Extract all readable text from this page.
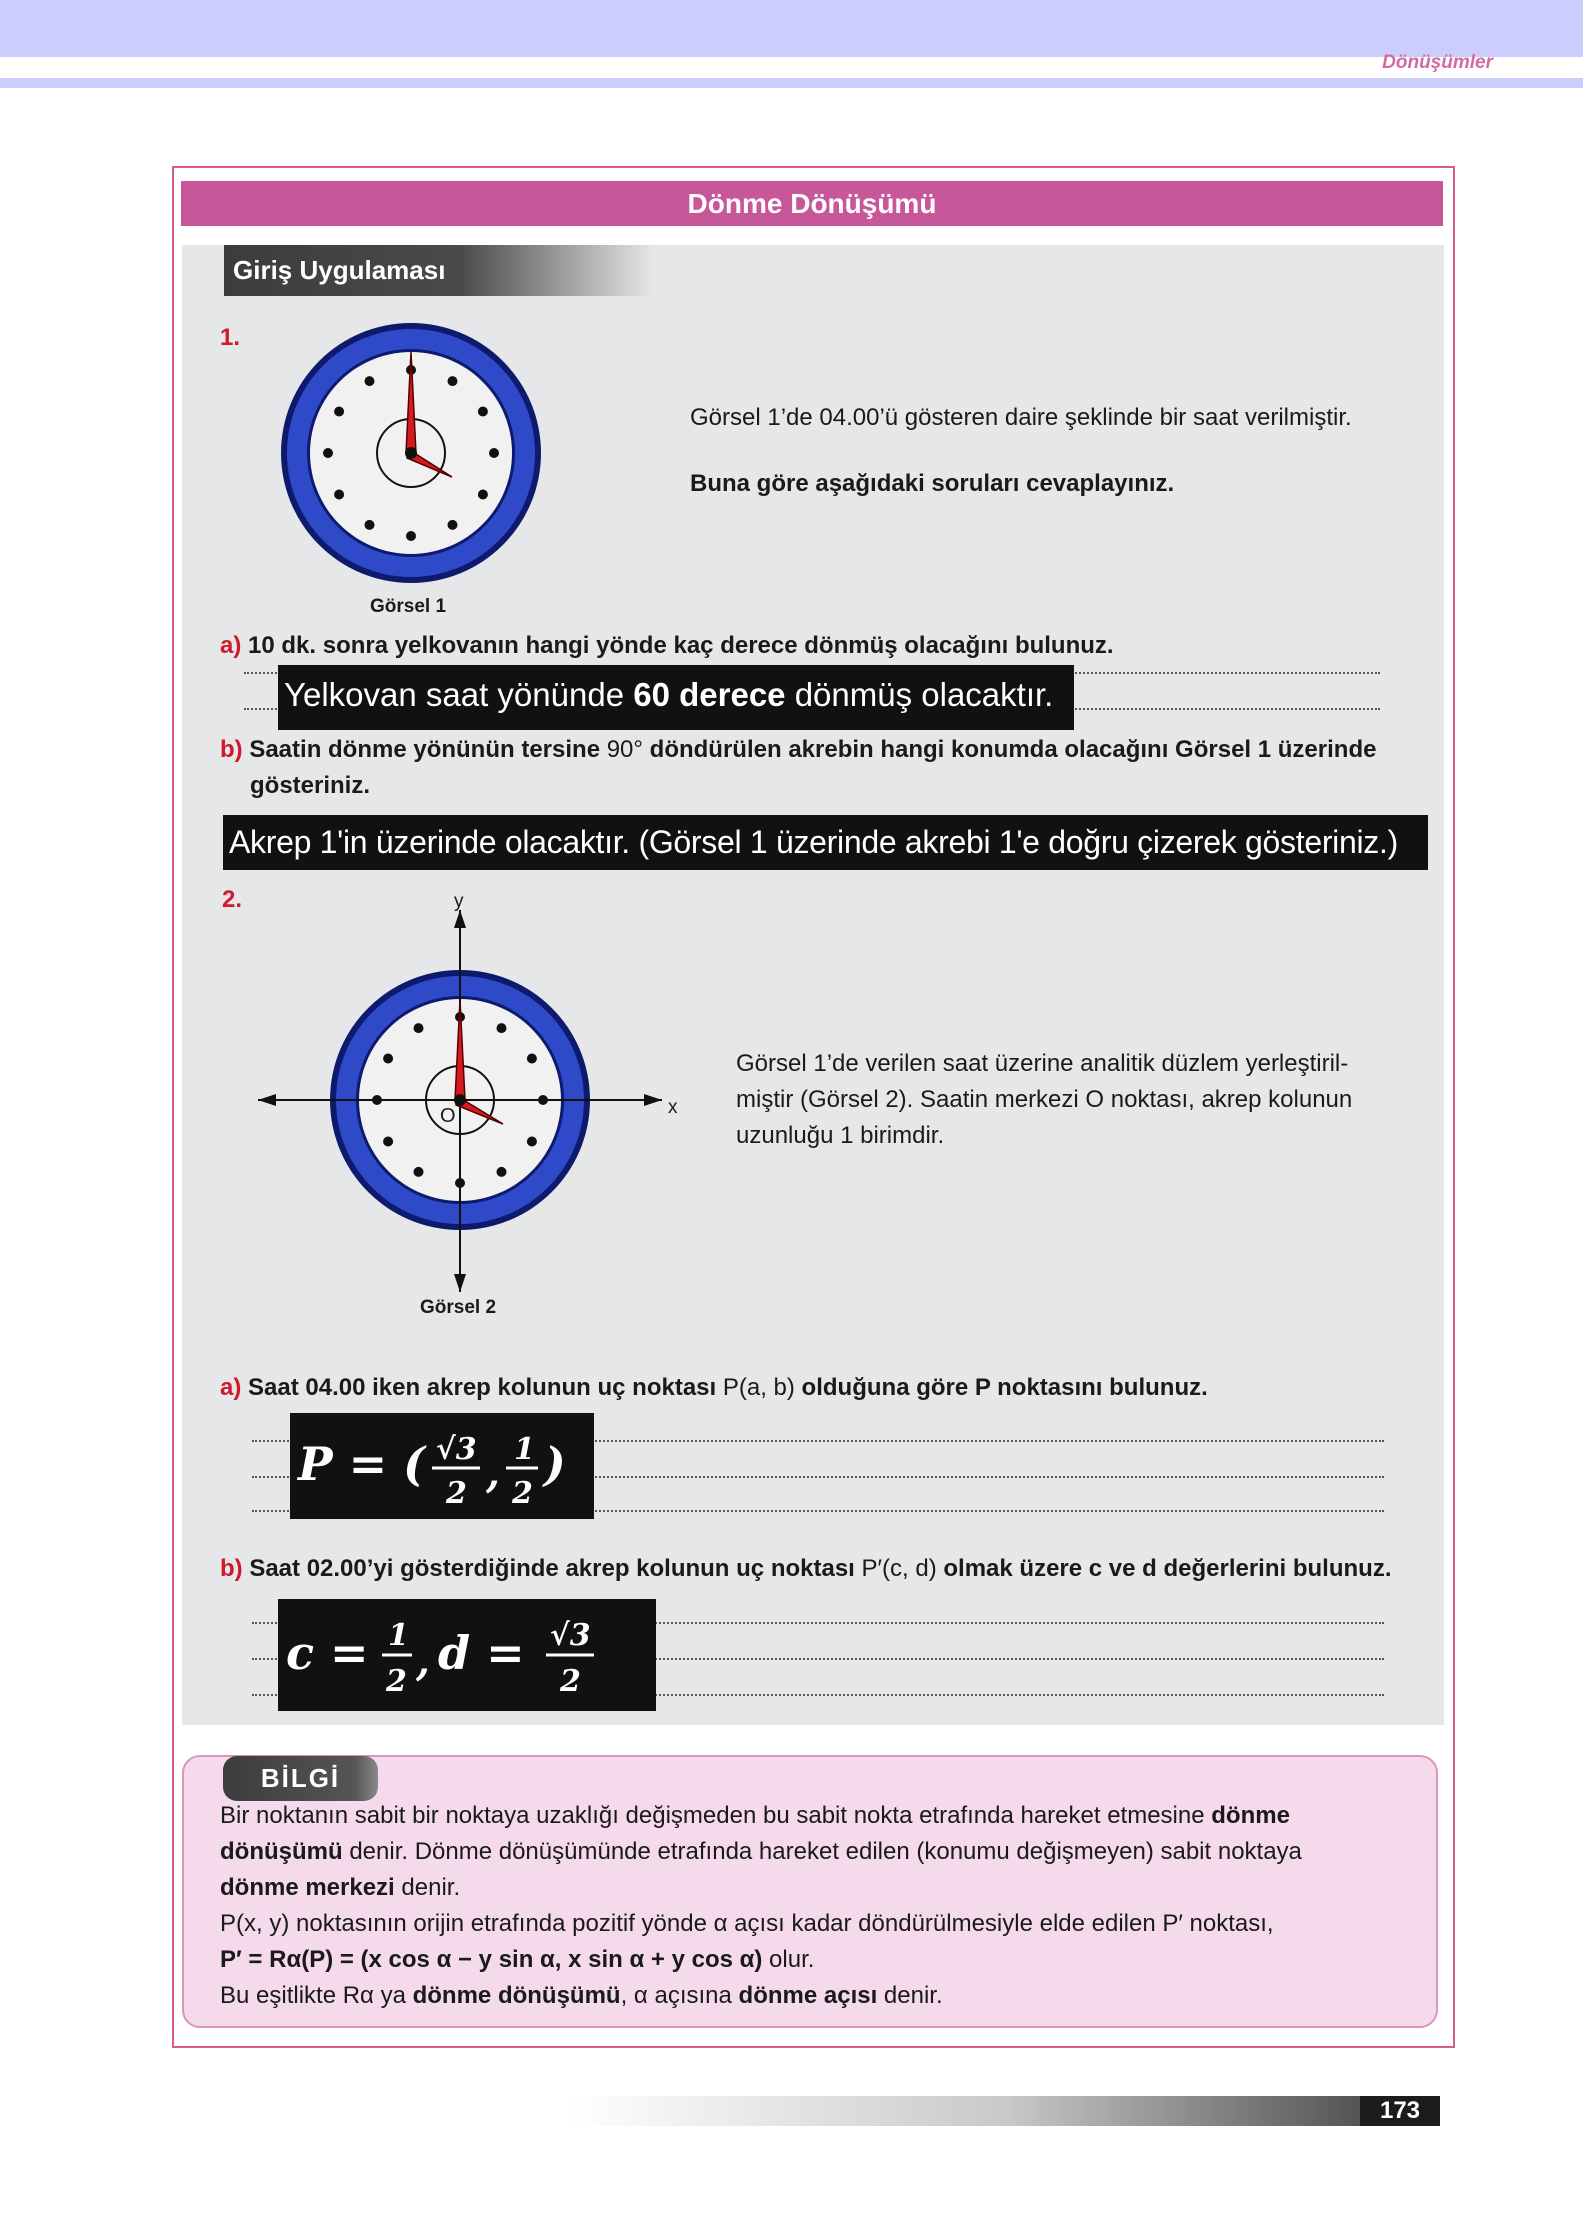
Dönüşümler
Dönme Dönüşümü
Giriş Uygulaması
1.
Görsel 1
Görsel 1’de 04.00’ü gösteren daire şeklinde bir saat verilmiştir.
Buna göre aşağıdaki soruları cevaplayınız.
a) 10 dk. sonra yelkovanın hangi yönde kaç derece dönmüş olacağını bulunuz.
Yelkovan saat yönünde 60 derece dönmüş olacaktır.
b) Saatin dönme yönünün tersine 90° döndürülen akrebin hangi konumda olacağını Görsel 1 üzerinde
gösteriniz.
Akrep 1'in üzerinde olacaktır. (Görsel 1 üzerinde akrebi 1'e doğru çizerek gösteriniz.)
2.	y
x
O
Görsel 2
Görsel 1’de verilen saat üzerine analitik düzlem yerleştiril-
miştir (Görsel 2). Saatin merkezi O noktası, akrep kolunun
uzunluğu 1 birimdir.
a) Saat 04.00 iken akrep kolunun uç noktası P(a, b) olduğuna göre P noktasını bulunuz.
P = ( √3
2 ,
1
2
)
b) Saat 02.00’yi gösterdiğinde akrep kolunun uç noktası P′(c, d) olmak üzere c ve d değerlerini bulunuz.
c = 1
2 , d = √3
2
BİLGİ
Bir noktanın sabit bir noktaya uzaklığı değişmeden bu sabit nokta etrafında hareket etmesine dönme
dönüşümü denir. Dönme dönüşümünde etrafında hareket edilen (konumu değişmeyen) sabit noktaya
dönme merkezi denir.
P(x, y) noktasının orijin etrafında pozitif yönde α açısı kadar döndürülmesiyle elde edilen P′ noktası,
P′ = Rα(P) = (x cos α − y sin α, x sin α + y cos α) olur.
Bu eşitlikte Rα ya dönme dönüşümü, α açısına dönme açısı denir.
173
